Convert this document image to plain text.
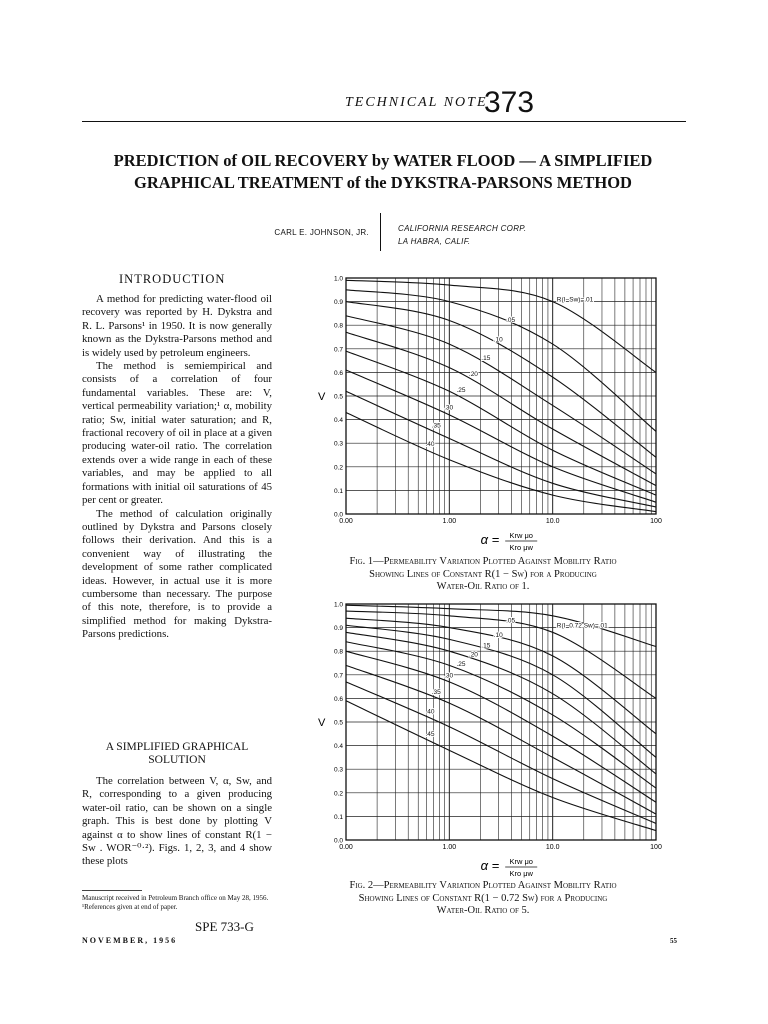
TECHNICAL NOTE
373
PREDICTION of OIL RECOVERY by WATER FLOOD — A SIMPLIFIED
GRAPHICAL TREATMENT of the DYKSTRA-PARSONS METHOD
CARL E. JOHNSON, JR.	CALIFORNIA RESEARCH CORP.
LA HABRA, CALIF.
INTRODUCTION

A method for predicting water-flood oil recovery was reported by H. Dykstra and R. L. Parsons¹ in 1950. It is now generally known as the Dykstra-Parsons method and is widely used by petroleum engineers.

The method is semiempirical and consists of a correlation of four fundamental variables. These are: V, vertical permeability variation;¹ α, mobility ratio; Sw, initial water saturation; and R, fractional recovery of oil in place at a given producing water-oil ratio. The correlation extends over a wide range in each of these variables, and may be applied to all formations with initial oil saturations of 45 per cent or greater.

The method of calculation originally outlined by Dykstra and Parsons closely follows their derivation. And this is a convenient way of illustrating the development of some rather complicated ideas. However, in actual use it is more cumbersome than necessary. The purpose of this note, therefore, is to provide a simplified method for making Dykstra-Parsons predictions.

A SIMPLIFIED GRAPHICAL
SOLUTION

The correlation between V, α, Sw, and R, corresponding to a given producing water-oil ratio, can be shown on a single graph. This is best done by plotting V against α to show lines of constant R(1 − Sw . WOR⁻⁰·²). Figs. 1, 2, 3, and 4 show these plots

Manuscript received in Petroleum Branch office on May 28, 1956.
¹References given at end of paper.
SPE 733-G
NOVEMBER, 1956	55
0.0
0.1
0.2
0.3
0.4
0.5
0.6
0.7
0.8
0.9
1.0
0.00	1.00	10.0	100
V
α = Krw μo
Kro μw
R(I−Sw)=.01
.05
.10
.15
.20
.25
.30
.35
.40
Fig. 1—Permeability Variation Plotted Against Mobility Ratio
Showing Lines of Constant R(1 − Sw) for a Producing
Water-Oil Ratio of 1.
0.0
0.1
0.2
0.3
0.4
0.5
0.6
0.7
0.8
0.9
1.0
0.00	1.00	10.0	100
V
α = Krw μo
Kro μw
R(I−0.72 Sw)=.01
.05
.10
.15
.20
.25
.30
.35
.40
.45
Fig. 2—Permeability Variation Plotted Against Mobility Ratio
Showing Lines of Constant R(1 − 0.72 Sw) for a Producing
Water-Oil Ratio of 5.
